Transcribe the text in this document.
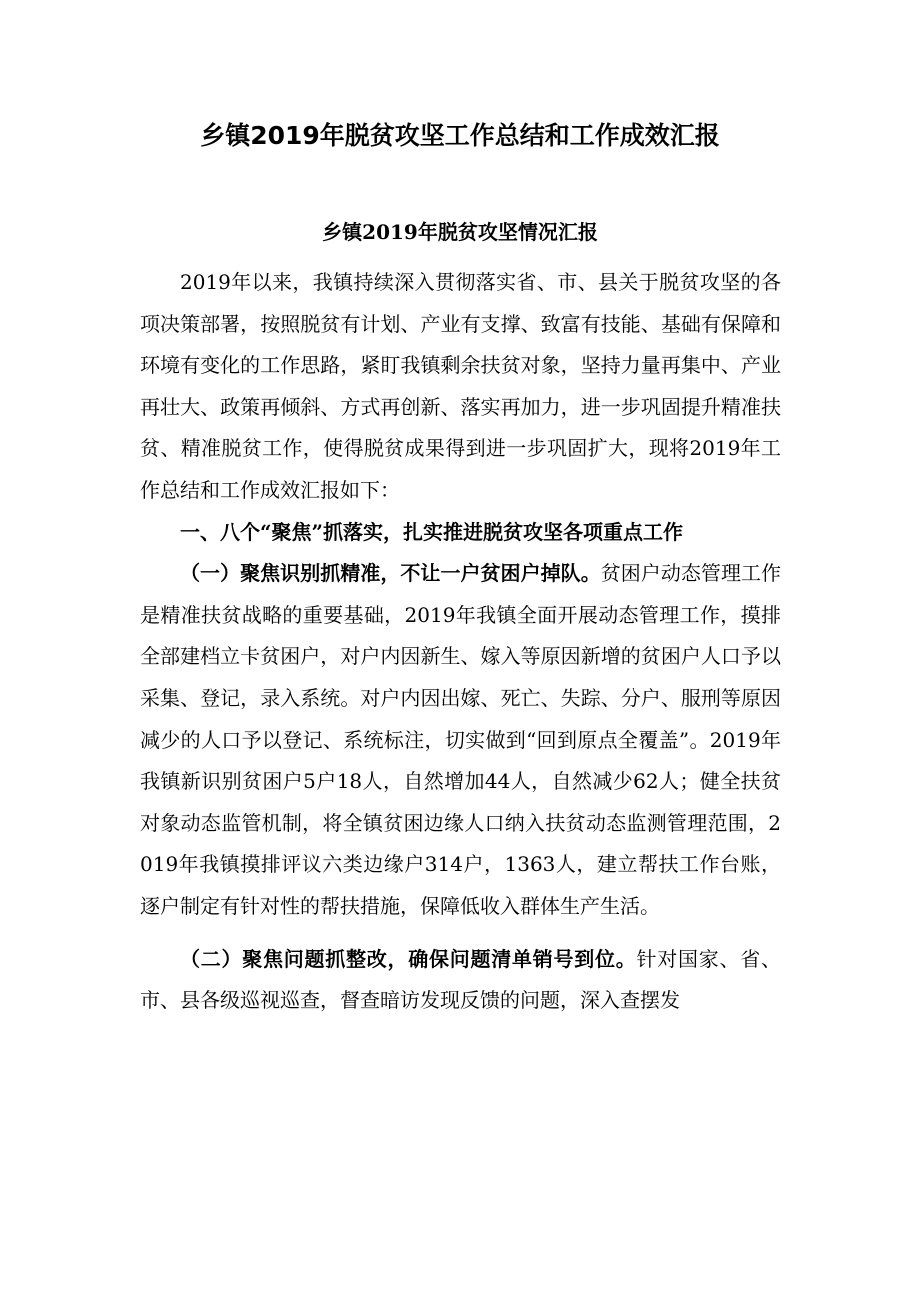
乡镇2019年脱贫攻坚工作总结和工作成效汇报
乡镇2019年脱贫攻坚情况汇报

2019年以来，我镇持续深入贯彻落实省、市、县关于脱贫攻坚的各项决策部署，按照脱贫有计划、产业有支撑、致富有技能、基础有保障和环境有变化的工作思路，紧盯我镇剩余扶贫对象，坚持力量再集中、产业再壮大、政策再倾斜、方式再创新、落实再加力，进一步巩固提升精准扶贫、精准脱贫工作，使得脱贫成果得到进一步巩固扩大，现将2019年工作总结和工作成效汇报如下：

一、八个“聚焦”抓落实，扎实推进脱贫攻坚各项重点工作

（一）聚焦识别抓精准，不让一户贫困户掉队。贫困户动态管理工作是精准扶贫战略的重要基础，2019年我镇全面开展动态管理工作，摸排全部建档立卡贫困户，对户内因新生、嫁入等原因新增的贫困户人口予以采集、登记，录入系统。对户内因出嫁、死亡、失踪、分户、服刑等原因减少的人口予以登记、系统标注，切实做到“回到原点全覆盖”。2019年我镇新识别贫困户5户18人，自然增加44人，自然减少62人；健全扶贫对象动态监管机制，将全镇贫困边缘人口纳入扶贫动态监测管理范围，2019年我镇摸排评议六类边缘户314户，1363人，建立帮扶工作台账，逐户制定有针对性的帮扶措施，保障低收入群体生产生活。

（二）聚焦问题抓整改，确保问题清单销号到位。针对国家、省、市、县各级巡视巡查，督查暗访发现反馈的问题，深入查摆发
